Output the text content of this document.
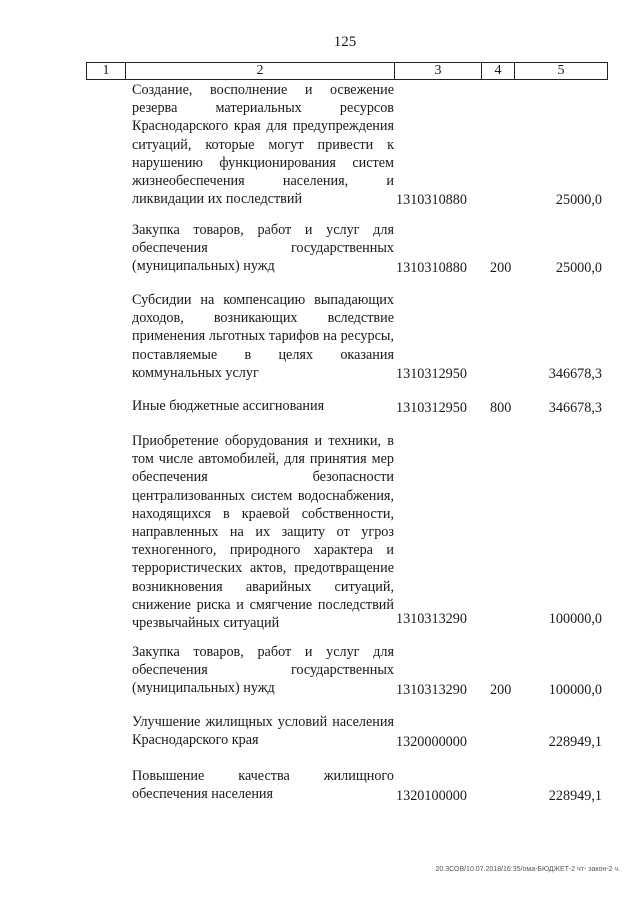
125
1	2	3	4	5
Создание, восполнение и освежение резерва материальных ресурсов Краснодарского края для предупреждения ситуаций, которые могут привести к нарушению функционирования систем жизнеобеспечения населения, и ликвидации их последствий	1310310880	25000,0
Закупка товаров, работ и услуг для обеспечения государственных (муниципальных) нужд	1310310880 200	25000,0
Субсидии на компенсацию выпадающих доходов, возникающих вследствие применения льготных тарифов на ресурсы, поставляемые в целях оказания коммунальных услуг	1310312950	346678,3
Иные бюджетные ассигнования	1310312950 800	346678,3
Приобретение оборудования и техники, в том числе автомобилей, для принятия мер обеспечения безопасности централизованных систем водоснабжения, находящихся в краевой собственности, направленных на их защиту от угроз техногенного, природного характера и террористических актов, предотвращение возникновения аварийных ситуаций, снижение риска и смягчение последствий чрезвычайных ситуаций	1310313290	100000,0
Закупка товаров, работ и услуг для обеспечения государственных (муниципальных) нужд	1310313290 200	100000,0
Улучшение жилищных условий населения Краснодарского края	1320000000	228949,1
Повышение качества жилищного обеспечения населения	1320100000	228949,1
20.3СОВ/10.07.2018/16:35/ома-БЮДЖЕТ-2 чт- закон-2 ч.
